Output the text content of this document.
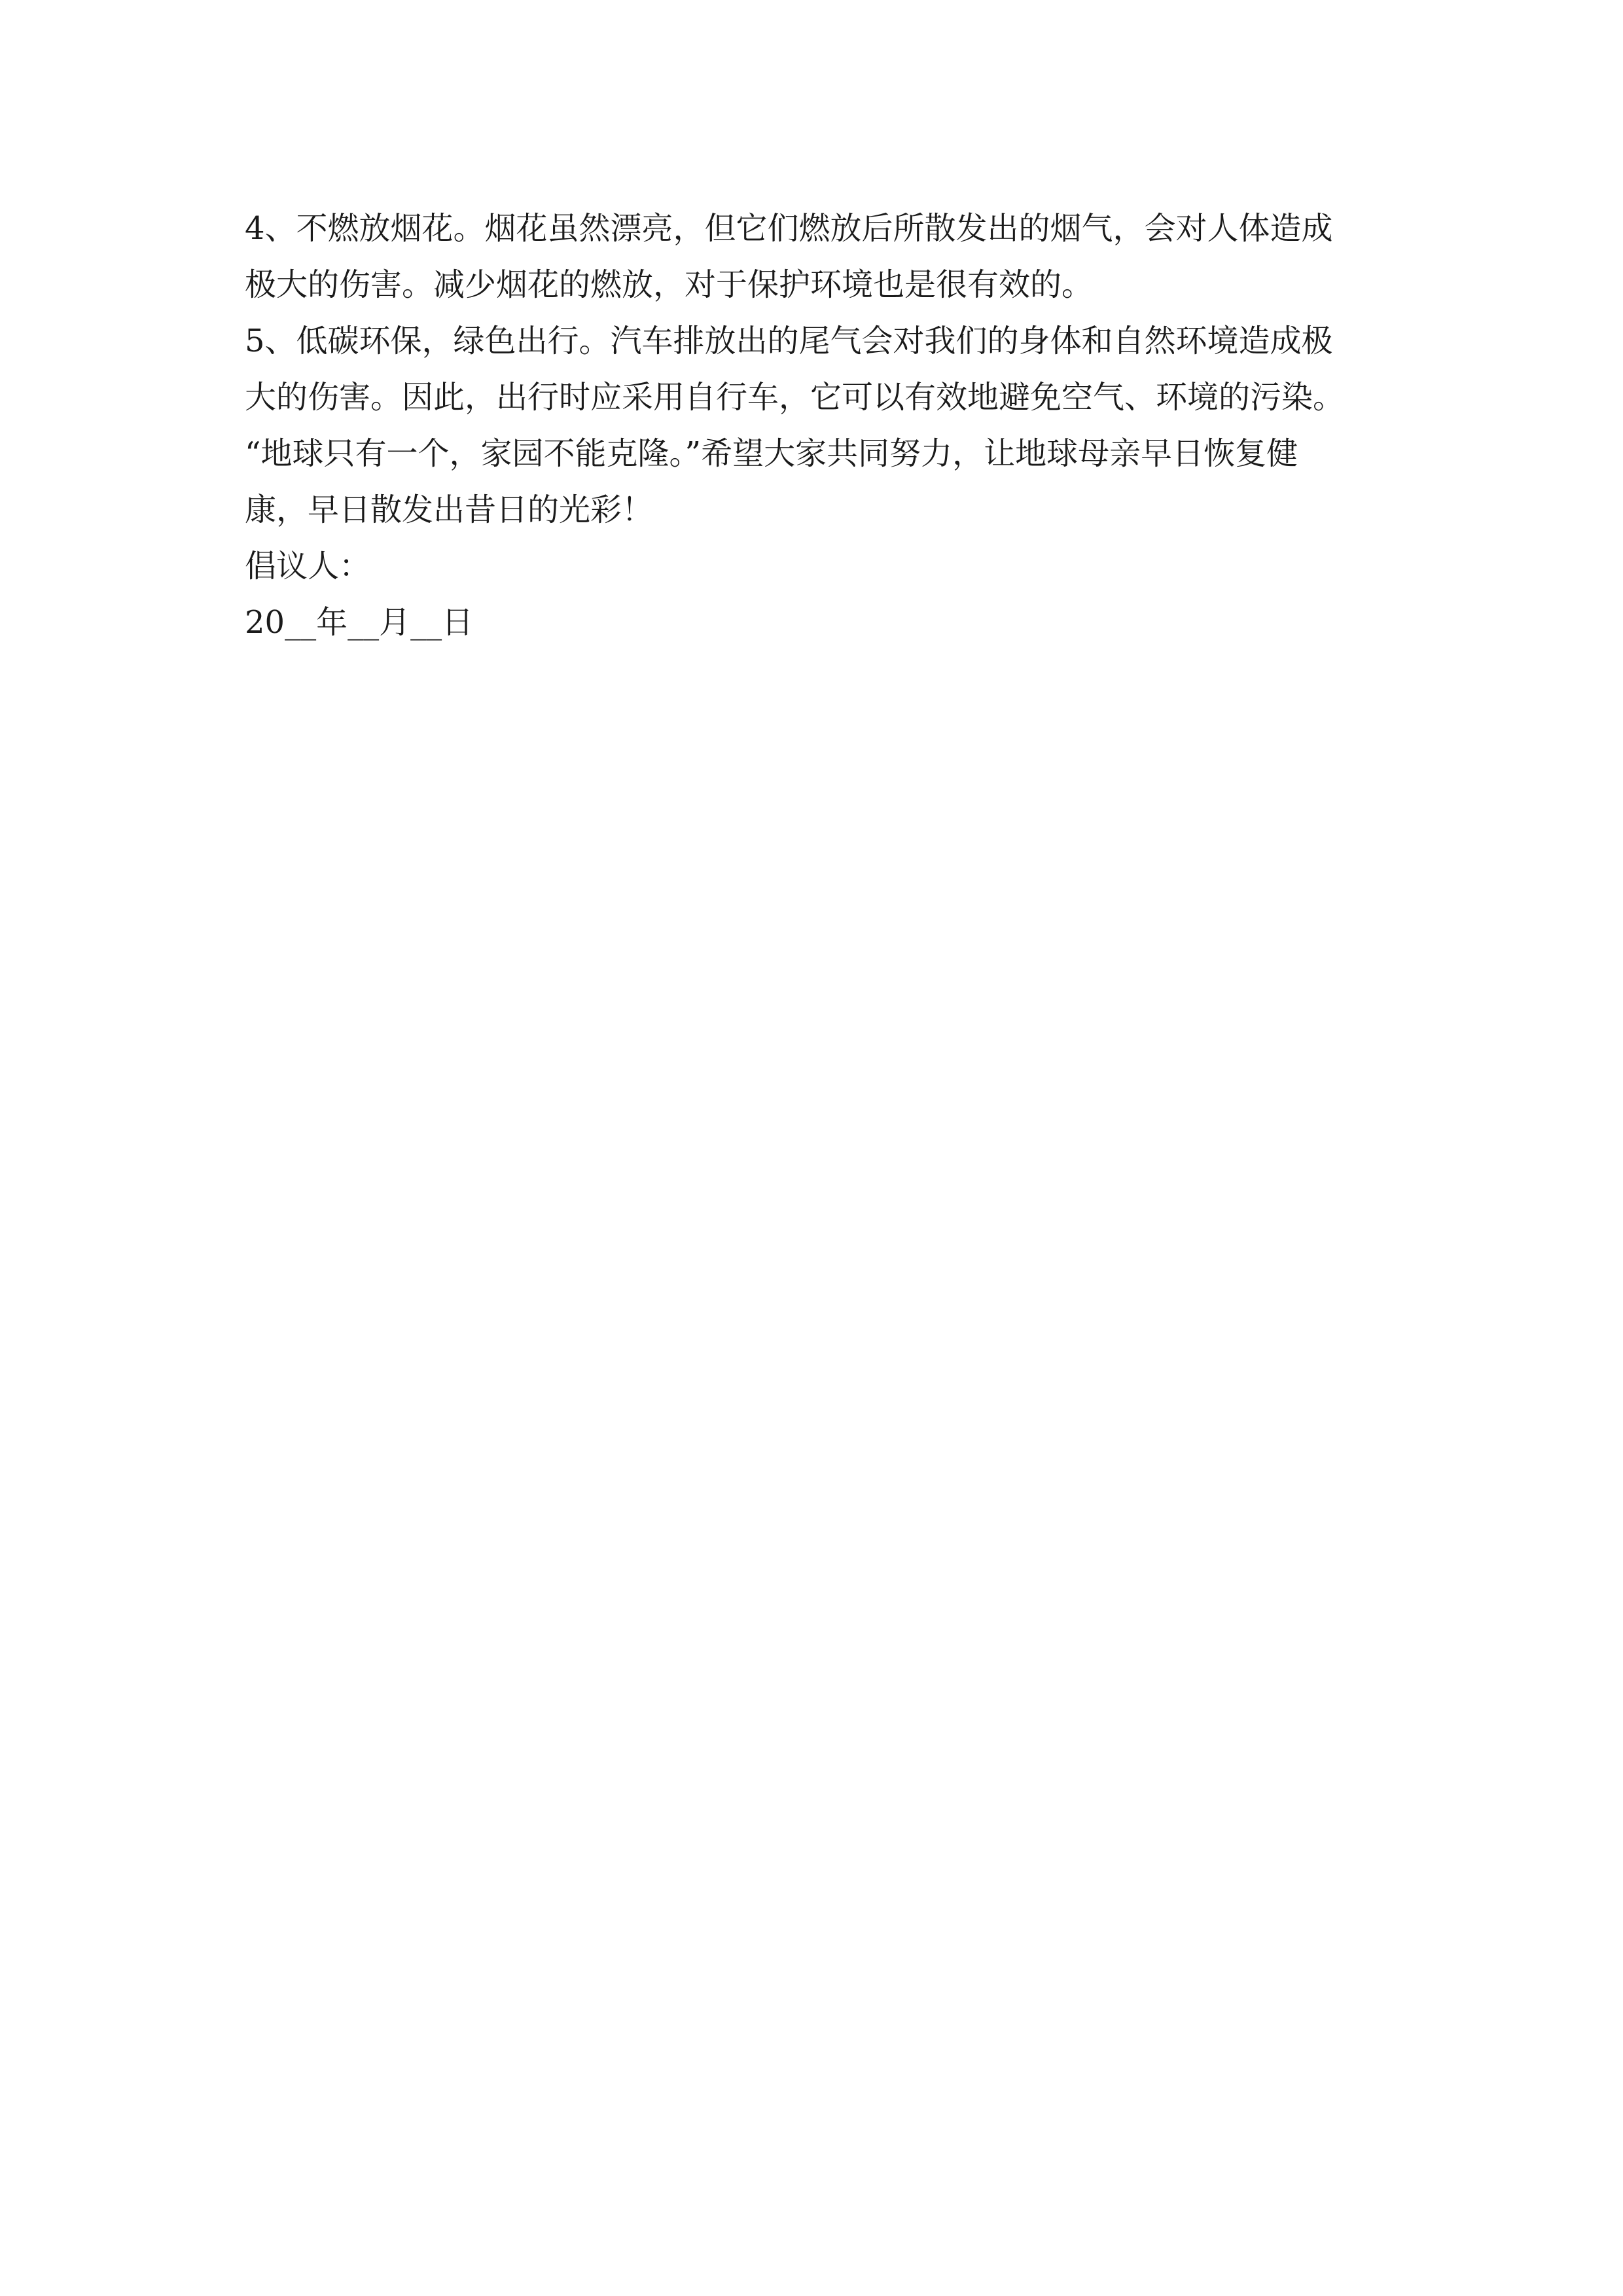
4、不燃放烟花。烟花虽然漂亮，但它们燃放后所散发出的烟气，会对人体造成

极大的伤害。减少烟花的燃放，对于保护环境也是很有效的。

5、低碳环保，绿色出行。汽车排放出的尾气会对我们的身体和自然环境造成极

大的伤害。因此，出行时应采用自行车，它可以有效地避免空气、环境的污染。

“地球只有一个，家园不能克隆。”希望大家共同努力，让地球母亲早日恢复健

康，早日散发出昔日的光彩！

倡议人：

20__年__月__日
